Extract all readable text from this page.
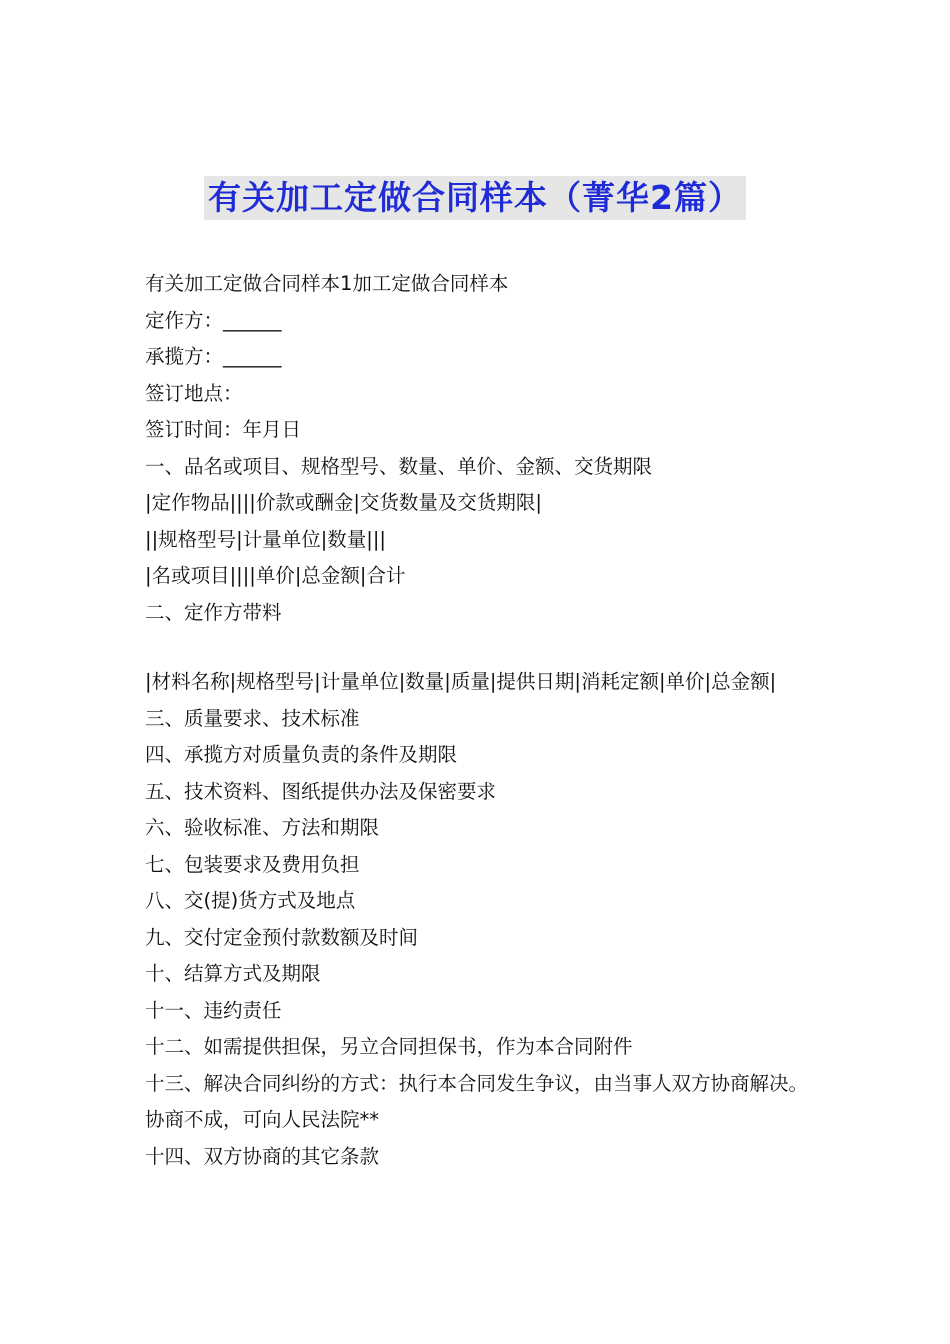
有关加工定做合同样本（菁华2篇）
有关加工定做合同样本1加工定做合同样本
定作方：______
承揽方：______
签订地点：
签订时间：年月日
一、品名或项目、规格型号、数量、单价、金额、交货期限
|定作物品||||价款或酬金|交货数量及交货期限|
||规格型号|计量单位|数量|||
|名或项目||||单价|总金额|合计
二、定作方带料
|材料名称|规格型号|计量单位|数量|质量|提供日期|消耗定额|单价|总金额|
三、质量要求、技术标准
四、承揽方对质量负责的条件及期限
五、技术资料、图纸提供办法及保密要求
六、验收标准、方法和期限
七、包装要求及费用负担
八、交(提)货方式及地点
九、交付定金预付款数额及时间
十、结算方式及期限
十一、违约责任
十二、如需提供担保，另立合同担保书，作为本合同附件
十三、解决合同纠纷的方式：执行本合同发生争议，由当事人双方协商解决。协商不成，可向人民法院**
十四、双方协商的其它条款
